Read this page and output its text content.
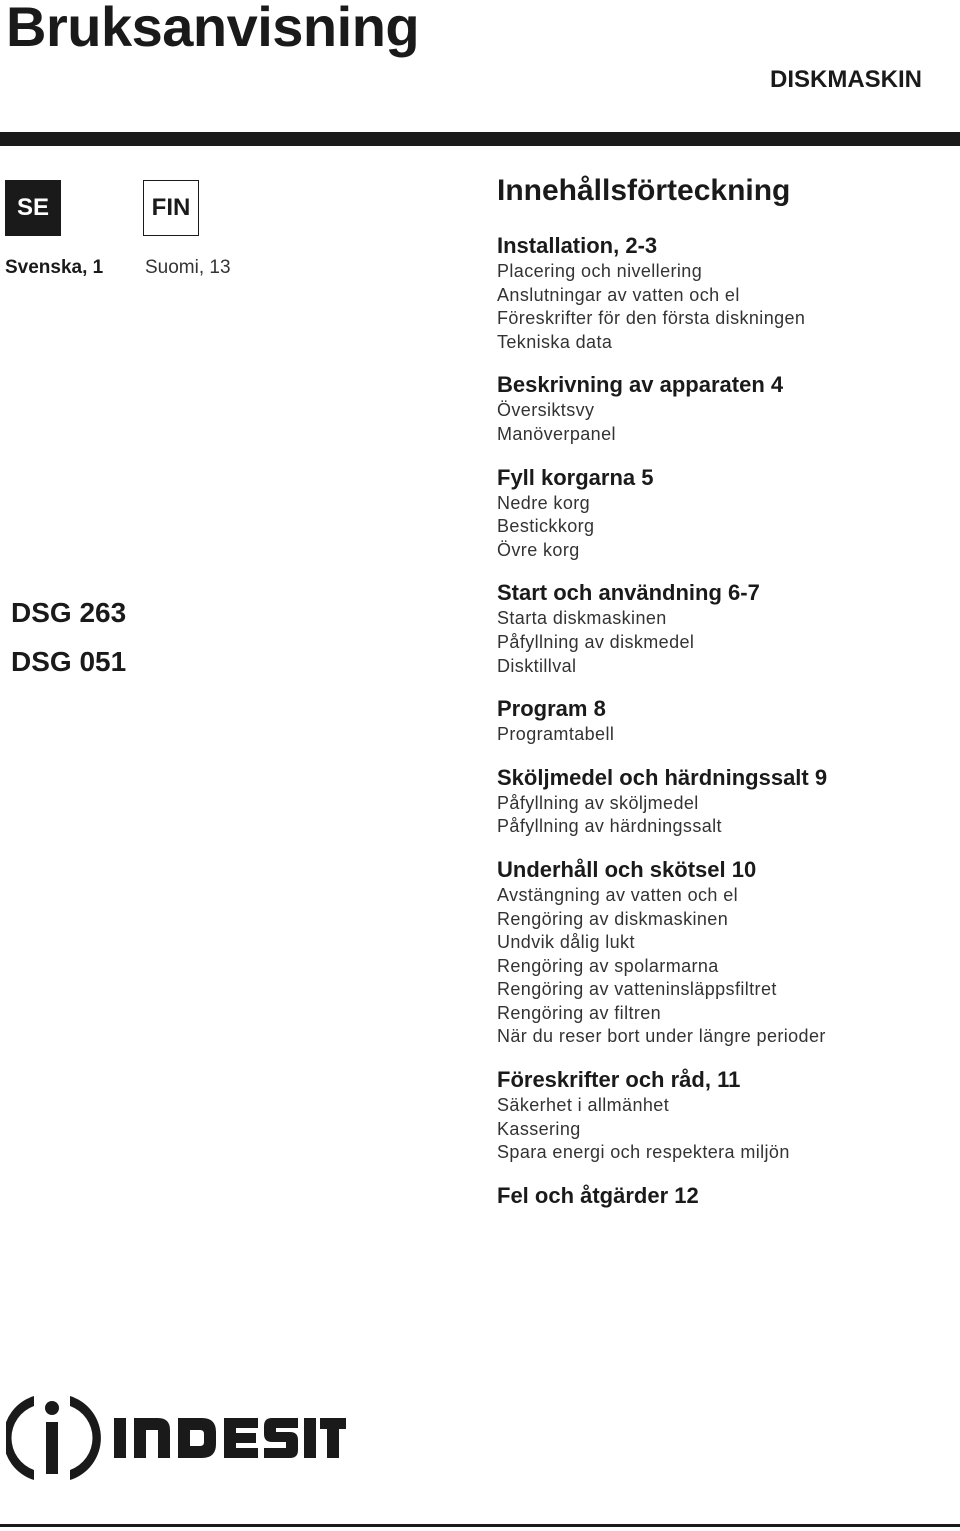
Bruksanvisning
DISKMASKIN
SE	FIN
Svenska, 1 Suomi, 13
DSG 263
DSG 051
Innehållsförteckning
Installation, 2-3
Placering och nivellering
Anslutningar av vatten och el
Föreskrifter för den första diskningen
Tekniska data
Beskrivning av apparaten 4
Översiktsvy
Manöverpanel
Fyll korgarna 5
Nedre korg
Bestickkorg
Övre korg
Start och användning 6-7
Starta diskmaskinen
Påfyllning av diskmedel
Disktillval
Program 8
Programtabell
Sköljmedel och härdningssalt 9
Påfyllning av sköljmedel
Påfyllning av härdningssalt
Underhåll och skötsel 10
Avstängning av vatten och el
Rengöring av diskmaskinen
Undvik dålig lukt
Rengöring av spolarmarna
Rengöring av vatteninsläppsfiltret
Rengöring av filtren
När du reser bort under längre perioder
Föreskrifter och råd, 11
Säkerhet i allmänhet
Kassering
Spara energi och respektera miljön
Fel och åtgärder 12
